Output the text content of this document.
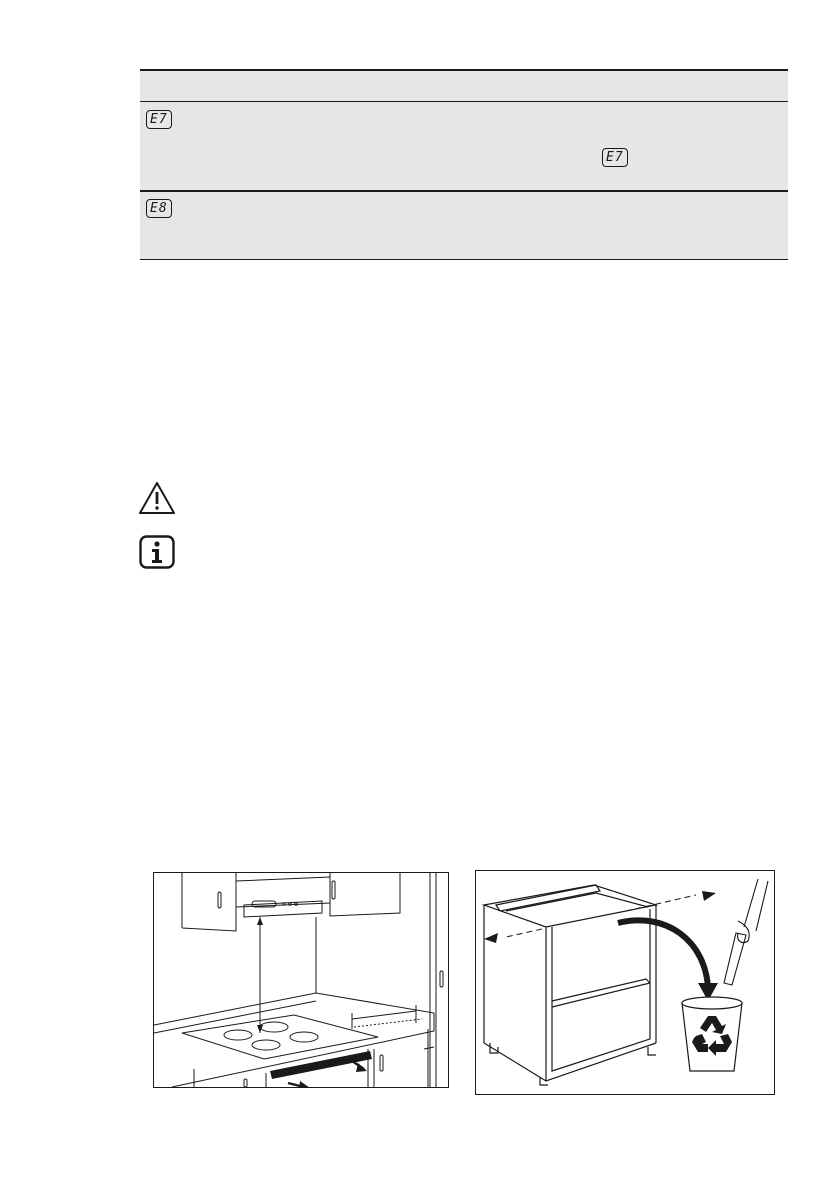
E7
E7
E8
